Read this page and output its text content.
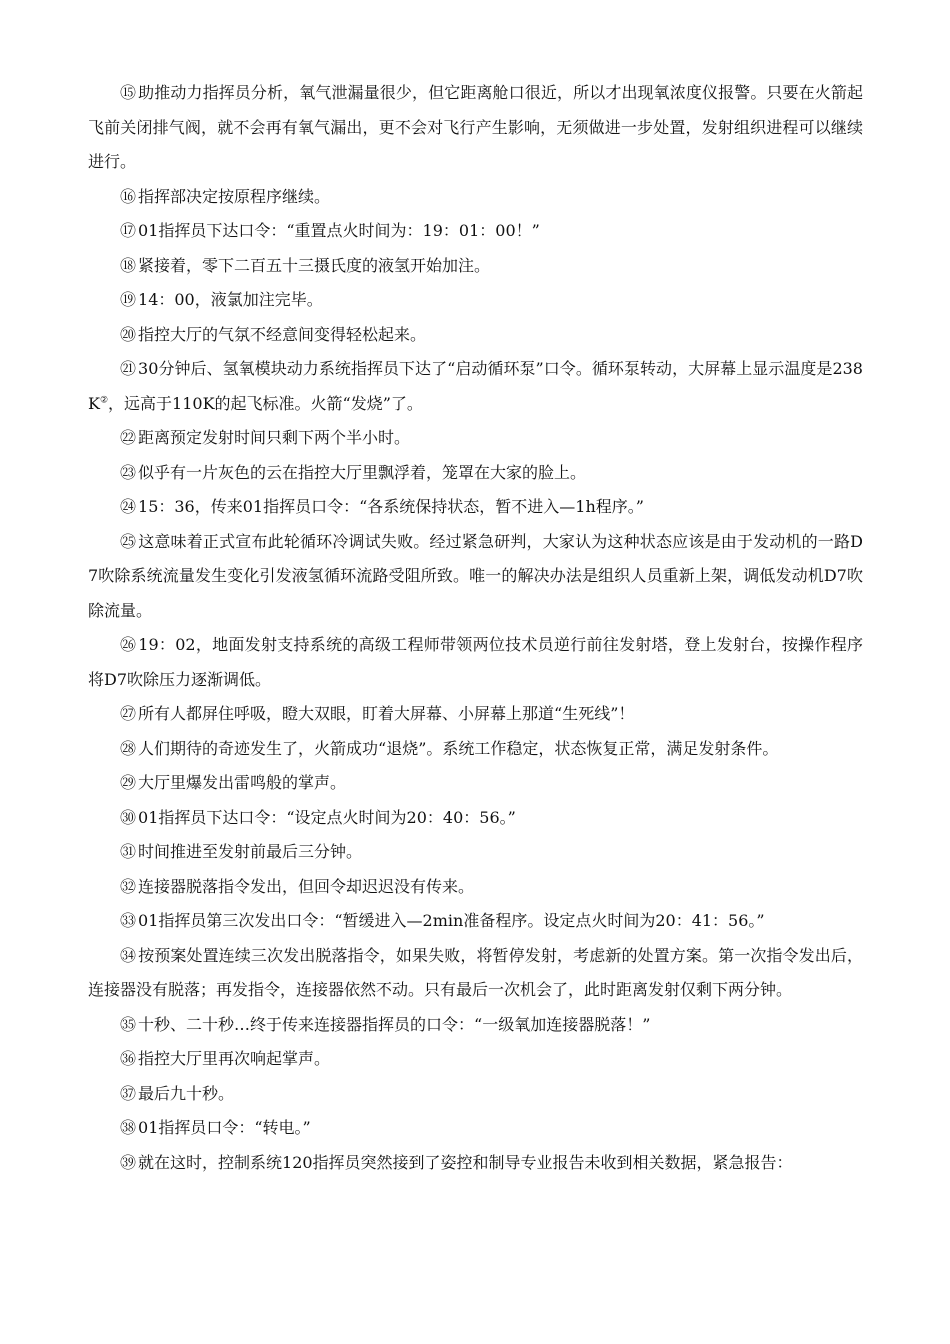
⑮ 助推动力指挥员分析，氧气泄漏量很少，但它距离舱口很近，所以才出现氧浓度仪报警。只要在火箭起飞前关闭排气阀，就不会再有氧气漏出，更不会对飞行产生影响，无须做进一步处置，发射组织进程可以继续进行。

⑯ 指挥部决定按原程序继续。

⑰ 01指挥员下达口令：“重置点火时间为：19：01：00！”

⑱ 紧接着，零下二百五十三摄氏度的液氢开始加注。

⑲ 14：00，液氯加注完毕。

⑳ 指控大厅的气氛不经意间变得轻松起来。

㉑ 30分钟后、氢氧模块动力系统指挥员下达了“启动循环泵”口令。循环泵转动，大屏幕上显示温度是238K②，远高于110K的起飞标准。火箭“发烧”了。

㉒ 距离预定发射时间只剩下两个半小时。

㉓ 似乎有一片灰色的云在指控大厅里飘浮着，笼罩在大家的脸上。

㉔ 15：36，传来01指挥员口令：“各系统保持状态，暂不进入—1h程序。”

㉕ 这意味着正式宣布此轮循环冷调试失败。经过紧急研判，大家认为这种状态应该是由于发动机的一路D7吹除系统流量发生变化引发液氢循环流路受阻所致。唯一的解决办法是组织人员重新上架，调低发动机D7吹除流量。

㉖ 19：02，地面发射支持系统的高级工程师带领两位技术员逆行前往发射塔，登上发射台，按操作程序将D7吹除压力逐渐调低。

㉗ 所有人都屏住呼吸，瞪大双眼，盯着大屏幕、小屏幕上那道“生死线”！

㉘ 人们期待的奇迹发生了，火箭成功“退烧”。系统工作稳定，状态恢复正常，满足发射条件。

㉙ 大厅里爆发出雷鸣般的掌声。

㉚ 01指挥员下达口令：“设定点火时间为20：40：56。”

㉛ 时间推进至发射前最后三分钟。

㉜ 连接器脱落指令发出，但回令却迟迟没有传来。

㉝ 01指挥员第三次发出口令：“暂缓进入—2min准备程序。设定点火时间为20：41：56。”

㉞ 按预案处置连续三次发出脱落指令，如果失败，将暂停发射，考虑新的处置方案。第一次指令发出后，连接器没有脱落；再发指令，连接器依然不动。只有最后一次机会了，此时距离发射仅剩下两分钟。

㉟ 十秒、二十秒…终于传来连接器指挥员的口令：“一级氧加连接器脱落！”

㊱ 指控大厅里再次响起掌声。

㊲ 最后九十秒。

㊳ 01指挥员口令：“转电。”

㊴ 就在这时，控制系统120指挥员突然接到了姿控和制导专业报告未收到相关数据，紧急报告：
